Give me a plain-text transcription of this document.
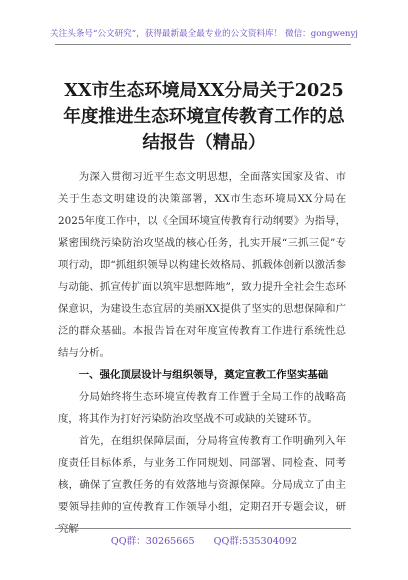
关注头条号“公文研究”，获得最新最全最专业的公文资料库！ 微信：gongwenyj
XX市生态环境局XX分局关于2025年度推进生态环境宣传教育工作的总结报告（精品）

为深入贯彻习近平生态文明思想，全面落实国家及省、市关于生态文明建设的决策部署，XX市生态环境局XX分局在2025年度工作中，以《全国环境宣传教育行动纲要》为指导，紧密围绕污染防治攻坚战的核心任务，扎实开展“三抓三促”专项行动，即“抓组织领导以构建长效格局、抓载体创新以激活参与动能、抓宣传扩面以筑牢思想阵地”，致力提升全社会生态环保意识，为建设生态宜居的美丽XX提供了坚实的思想保障和广泛的群众基础。本报告旨在对年度宣传教育工作进行系统性总结与分析。

一、强化顶层设计与组织领导，奠定宣教工作坚实基础

分局始终将生态环境宣传教育工作置于全局工作的战略高度，将其作为打好污染防治攻坚战不可或缺的关键环节。

首先，在组织保障层面，分局将宣传教育工作明确列入年度责任目标体系，与业务工作同规划、同部署、同检查、同考核，确保了宣教任务的有效落地与资源保障。分局成立了由主要领导挂帅的宣传教育工作领导小组，定期召开专题会议，研究解

QQ群：30265665 QQ群:535304092
